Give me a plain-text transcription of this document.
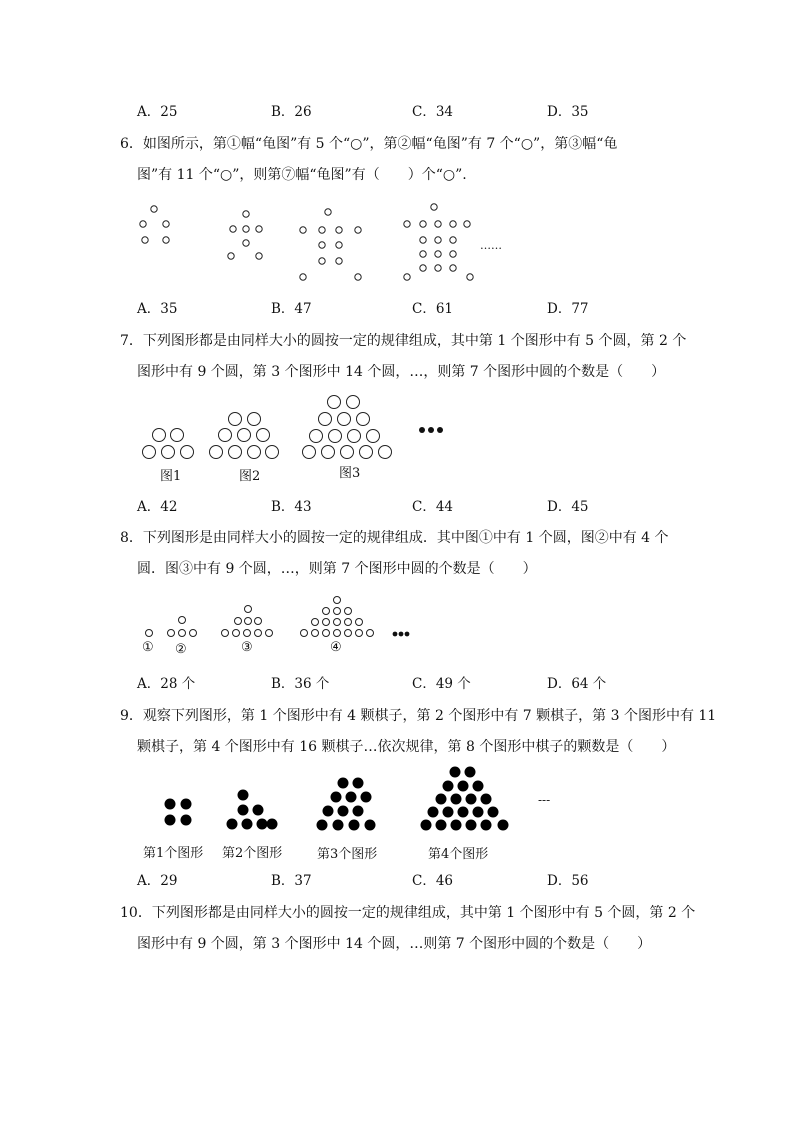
A．25	B．26	C．34	D．35
6．如图所示，第①幅“龟图”有 5 个“○”，第②幅“龟图”有 7 个“○”，第③幅“龟
图”有 11 个“○”，则第⑦幅“龟图”有（　　）个“○”.
……
A．35	B．47	C．61	D．77
7．下列图形都是由同样大小的圆按一定的规律组成，其中第 1 个图形中有 5 个圆，第 2 个
图形中有 9 个圆，第 3 个图形中 14 个圆，…，则第 7 个图形中圆的个数是（　　）
图1	图2	图3
A．42	B．43	C．44	D．45
8．下列图形是由同样大小的圆按一定的规律组成．其中图①中有 1 个圆，图②中有 4 个
圆．图③中有 9 个圆，…，则第 7 个图形中圆的个数是（　　）
① ②	③	④
A．28 个	B．36 个	C．49 个	D．64 个
9．观察下列图形，第 1 个图形中有 4 颗棋子，第 2 个图形中有 7 颗棋子，第 3 个图形中有 11
颗棋子，第 4 个图形中有 16 颗棋子…依次规律，第 8 个图形中棋子的颗数是（　　）
---
第1个图形 第2个图形	第3个图形	第4个图形
A．29	B．37	C．46	D．56
10．下列图形都是由同样大小的圆按一定的规律组成，其中第 1 个图形中有 5 个圆，第 2 个
图形中有 9 个圆，第 3 个图形中 14 个圆，…则第 7 个图形中圆的个数是（　　）
